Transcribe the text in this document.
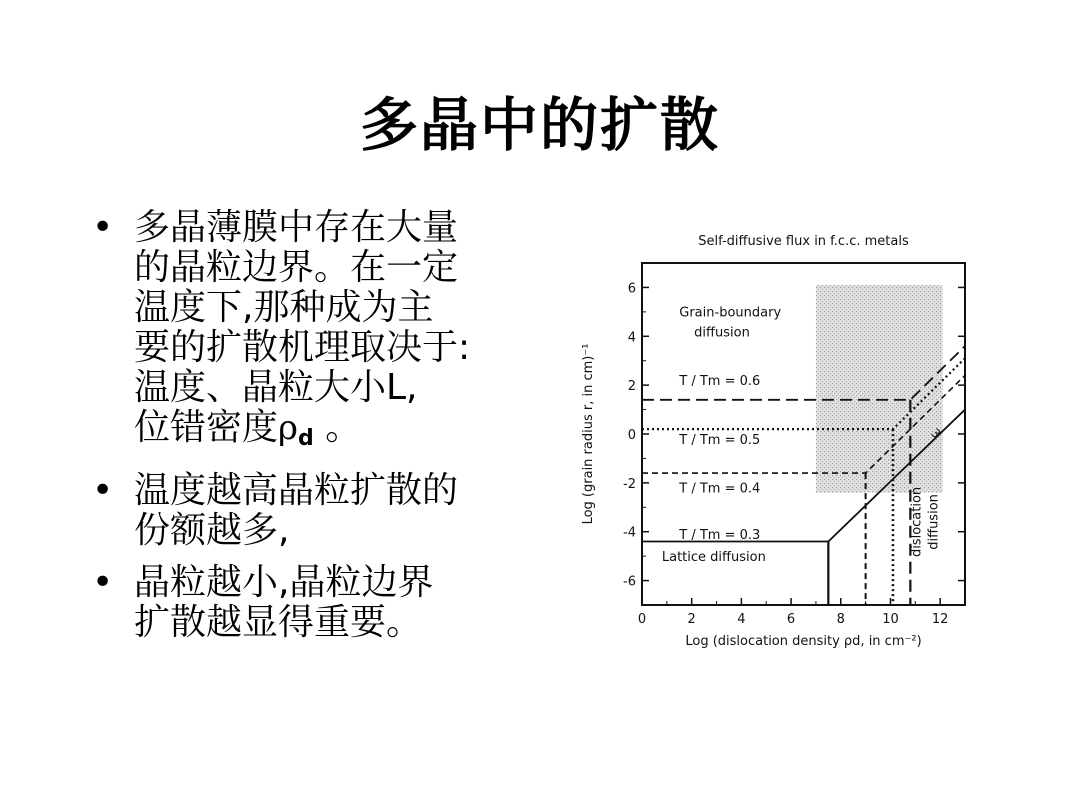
多晶中的扩散
• 多晶薄膜中存在大量
的晶粒边界。在一定
温度下,那种成为主
要的扩散机理取决于:
温度、晶粒大小L,
位错密度ρd 。
• 温度越高晶粒扩散的
份额越多,
• 晶粒越小,晶粒边界
扩散越显得重要。
Self-diffusive flux in f.c.c. metals
0	2	4	6	8	10	12
6
4
2
0
-2
-4
-6
Log (dislocation density ρd, in cm⁻²)
Log (grain radius r, in cm)⁻¹	T / Tm = 0.6
T / Tm = 0.5
T / Tm = 0.4
T / Tm = 0.3
Grain-boundary
diffusion
Lattice diffusion
dislocation diffusion
3
